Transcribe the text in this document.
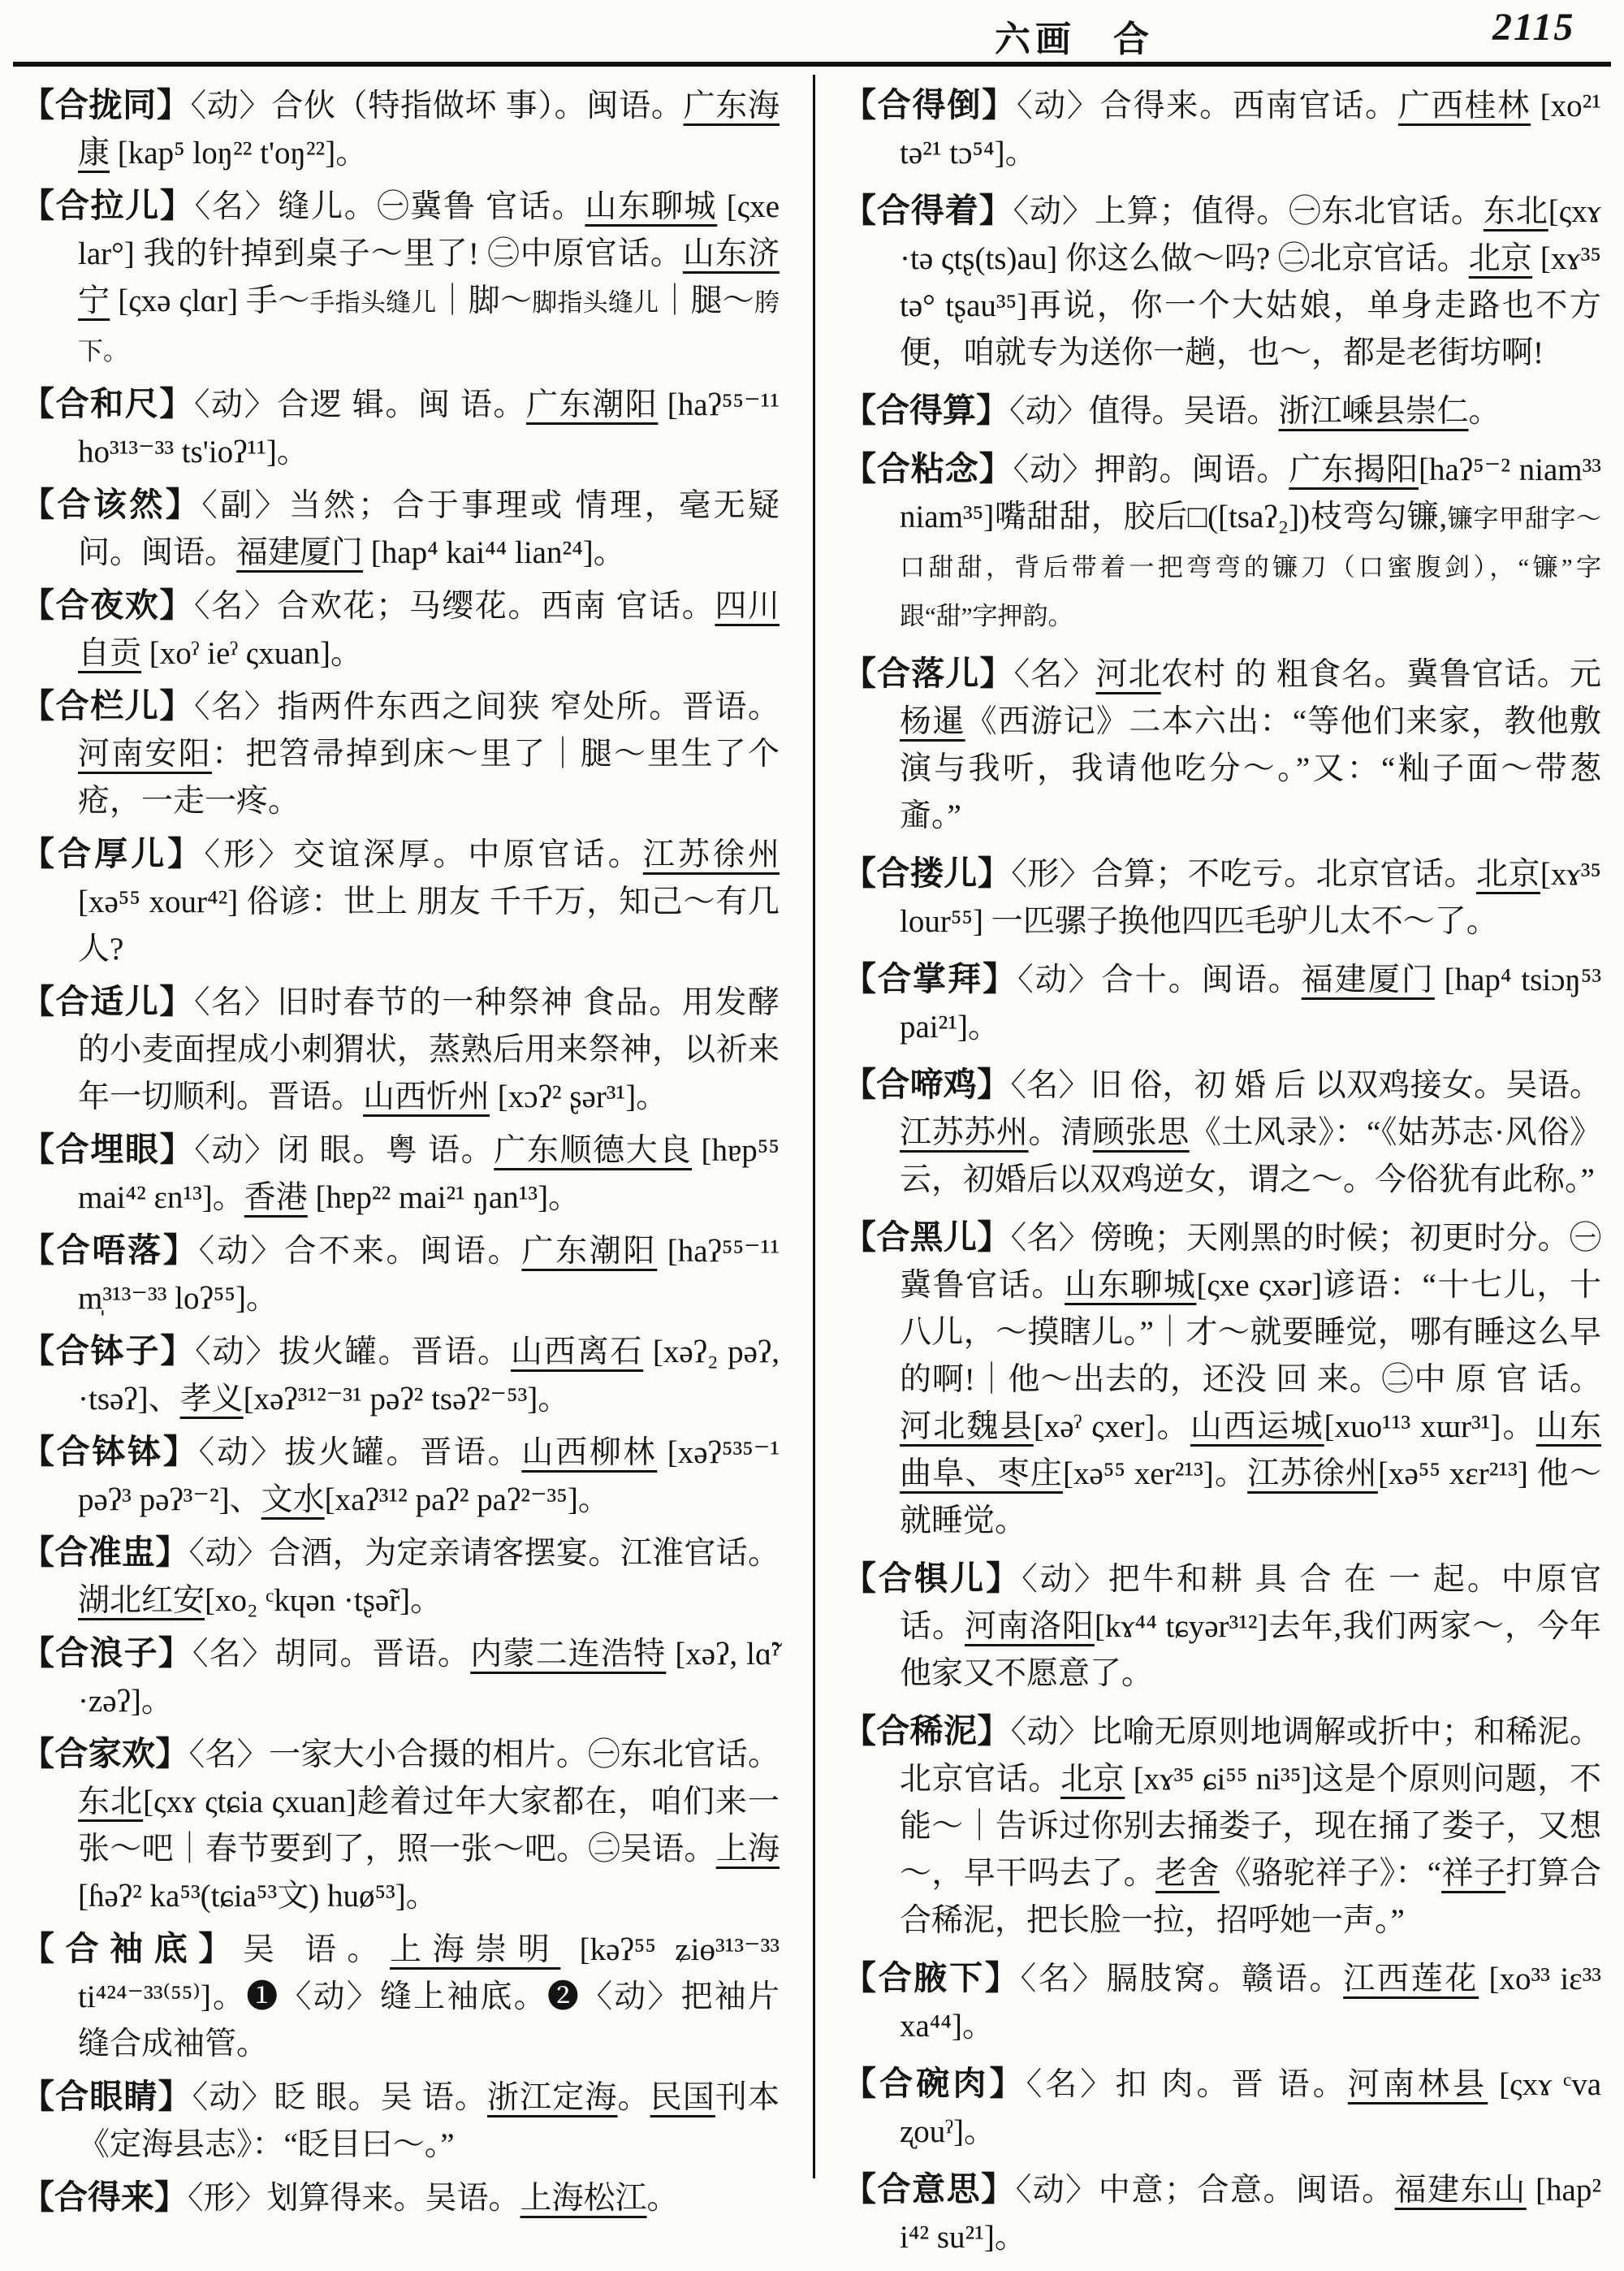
六画 合	2115
【 合拢同 】 〈动〉合伙（特指做坏 事）。闽语。广东海康 [kap⁵ loŋ²² t'oŋ²²]。
【 合拉儿 】 〈名〉缝儿。㊀冀鲁 官话。山东聊城 [ςxe lar°] 我的针掉到桌子～里了! ㊁中原官话。山东济宁 [ςxə ςlɑr] 手～手指头缝儿｜脚～脚指头缝儿｜腿～胯下。
【 合和尺 】 〈动〉合逻 辑。闽 语。广东潮阳 [haʔ⁵⁵⁻¹¹ ho³¹³⁻³³ ts'ioʔ¹¹]。
【 合该然 】 〈副〉当然；合于事理或 情理，毫无疑问。闽语。福建厦门 [hap⁴ kai⁴⁴ lian²⁴]。
【 合夜欢 】 〈名〉合欢花；马缨花。西南 官话。四川自贡 [xoˀ ieˀ ςxuan]。
【 合栏儿 】 〈名〉指两件东西之间狭 窄处所。晋语。河南安阳：把笤帚掉到床～里了｜腿～里生了个疮，一走一疼。
【 合厚儿 】 〈形〉交谊深厚。中原官话。江苏徐州 [xə⁵⁵ xour⁴²] 俗谚：世上 朋友 千千万，知己～有几人?
【 合适儿 】 〈名〉旧时春节的一种祭神 食品。用发酵的小麦面捏成小刺猬状，蒸熟后用来祭神，以祈来年一切顺利。晋语。山西忻州 [xɔʔ² ʂər³¹]。
【 合埋眼 】 〈动〉闭 眼。粤 语。广东顺德大良 [hɐp⁵⁵ mai⁴² ɛn¹³]。香港 [hɐp²² mai²¹ ŋan¹³]。
【 合唔落 】 〈动〉合不来。闽语。广东潮阳 [haʔ⁵⁵⁻¹¹ m̩³¹³⁻³³ loʔ⁵⁵]。
【 合钵子 】 〈动〉拔火罐。晋语。山西离石 [xəʔ₂ pəʔ, ·tsəʔ]、孝义[xəʔ³¹²⁻³¹ pəʔ² tsəʔ²⁻⁵³]。
【 合钵钵 】 〈动〉拔火罐。晋语。山西柳林 [xəʔ⁵³⁵⁻¹ pəʔ³ pəʔ³⁻²]、文水[xaʔ³¹² paʔ² paʔ²⁻³⁵]。
【 合准盅 】 〈动〉合酒，为定亲请客摆宴。江淮官话。湖北红安[xo₂ ᶜkɥən ·tʂə̃r]。
【 合浪子 】 〈名〉胡同。晋语。内蒙二连浩特 [xəʔ, lɑ̃ˀ ·zəʔ]。
【 合家欢 】 〈名〉一家大小合摄的相片。㊀东北官话。东北[ςxɤ ςtɕia ςxuan]趁着过年大家都在，咱们来一张～吧｜春节要到了，照一张～吧。㊁吴语。上海 [ɦəʔ² ka⁵³(tɕia⁵³文) huø⁵³]。
【 合袖底 】 吴 语。上海崇明 [kəʔ⁵⁵ ʑiɵ³¹³⁻³³ ti⁴²⁴⁻³³⁽⁵⁵⁾]。❶〈动〉缝上袖底。❷〈动〉把袖片 缝合成袖管。
【 合眼睛 】 〈动〉眨 眼。吴 语。浙江定海。民国刊本《定海县志》：“眨目曰～。”
【 合得来 】 〈形〉划算得来。吴语。上海松江。
【 合得倒 】 〈动〉合得来。西南官话。广西桂林 [xo²¹ tə²¹ tɔ⁵⁴]。
【 合得着 】 〈动〉上算；值得。㊀东北官话。东北[ςxɤ ·tə ςtʂ(ts)au] 你这么做～吗? ㊁北京官话。北京 [xɤ³⁵ tə° tʂau³⁵]再说，你一个大姑娘，单身走路也不方便，咱就专为送你一趟，也～，都是老街坊啊!
【 合得算 】 〈动〉值得。吴语。浙江嵊县崇仁。
【 合粘念 】 〈动〉押韵。闽语。广东揭阳[haʔ⁵⁻² niam³³ niam³⁵]嘴甜甜，胶后□([tsaʔ₂])枝弯勾镰,镰字甲甜字～口甜甜，背后带着一把弯弯的镰刀（口蜜腹剑），“镰”字跟“甜”字押韵。
【 合落儿 】 〈名〉河北农村 的 粗食名。冀鲁官话。元杨暹《西游记》二本六出：“等他们来家，教他敷演与我听，我请他吃分～。”又：“籼子面～带葱齑。”
【 合搂儿 】 〈形〉合算；不吃亏。北京官话。北京[xɤ³⁵ lour⁵⁵] 一匹骡子换他四匹毛驴儿太不～了。
【 合掌拜 】 〈动〉合十。闽语。福建厦门 [hap⁴ tsiɔŋ⁵³ pai²¹]。
【 合啼鸡 】 〈名〉旧 俗，初 婚 后 以双鸡接女。吴语。江苏苏州。清顾张思《土风录》：“《姑苏志·风俗》云，初婚后以双鸡逆女，谓之～。今俗犹有此称。”
【 合黑儿 】 〈名〉傍晚；天刚黑的时候；初更时分。㊀冀鲁官话。山东聊城[ςxe ςxər]谚语：“十七儿，十八儿，～摸瞎儿。”｜才～就要睡觉，哪有睡这么早的啊!｜他～出去的，还没 回 来。㊁中 原 官 话。河北魏县[xəˀ ςxer]。山西运城[xuo¹¹³ xɯr³¹]。山东曲阜、枣庄[xə⁵⁵ xer²¹³]。江苏徐州[xə⁵⁵ xɛr²¹³] 他～就睡觉。
【 合犋儿 】 〈动〉把牛和耕 具 合 在 一 起。中原官话。河南洛阳[kɤ⁴⁴ tɕyər³¹²]去年,我们两家～，今年他家又不愿意了。
【 合稀泥 】 〈动〉比喻无原则地调解或折中；和稀泥。北京官话。北京 [xɤ³⁵ ɕi⁵⁵ ni³⁵]这是个原则问题，不能～｜告诉过你别去捅娄子，现在捅了娄子，又想～，早干吗去了。老舍《骆驼祥子》：“祥子打算合合稀泥，把长脸一拉，招呼她一声。”
【 合腋下 】 〈名〉膈肢窝。赣语。江西莲花 [xo³³ iɛ³³ xa⁴⁴]。
【 合碗肉 】 〈名〉扣 肉。晋 语。河南林县 [ςxɤ ᶜva ʐouˀ]。
【 合意思 】 〈动〉中意；合意。闽语。福建东山 [hap² i⁴² su²¹]。
